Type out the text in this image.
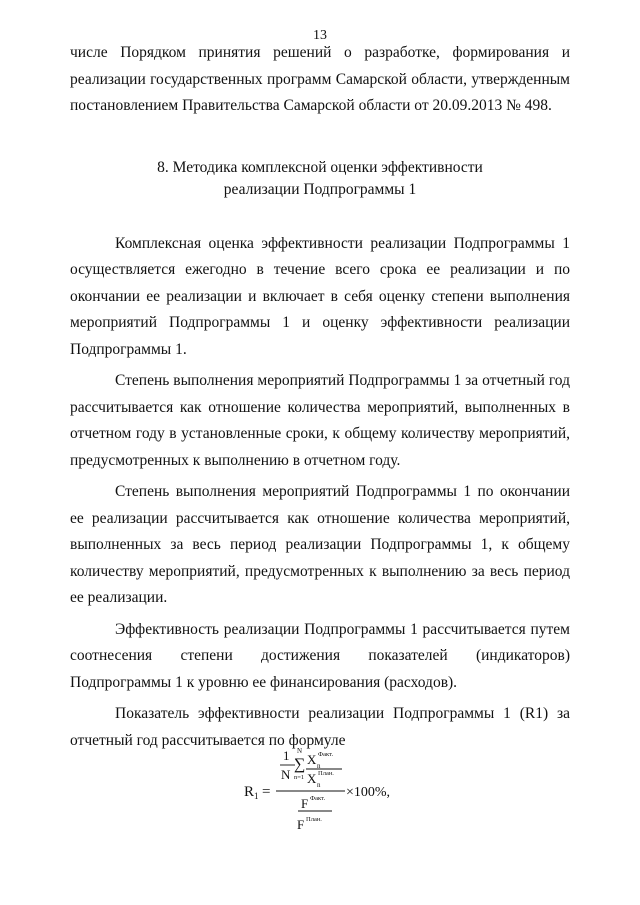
13

числе Порядком принятия решений о разработке, формирования и реализации государственных программ Самарской области, утвержденным постановлением Правительства Самарской области от 20.09.2013 № 498.

8. Методика комплексной оценки эффективности
реализации Подпрограммы 1

Комплексная оценка эффективности реализации Подпрограммы 1 осуществляется ежегодно в течение всего срока ее реализации и по окончании ее реализации и включает в себя оценку степени выполнения мероприятий Подпрограммы 1 и оценку эффективности реализации Подпрограммы 1.

Степень выполнения мероприятий Подпрограммы 1 за отчетный год рассчитывается как отношение количества мероприятий, выполненных в отчетном году в установленные сроки, к общему количеству мероприятий, предусмотренных к выполнению в отчетном году.

Степень выполнения мероприятий Подпрограммы 1 по окончании ее реализации рассчитывается как отношение количества мероприятий, выполненных за весь период реализации Подпрограммы 1, к общему количеству мероприятий, предусмотренных к выполнению за весь период ее реализации.

Эффективность реализации Подпрограммы 1 рассчитывается путем соотнесения степени достижения показателей (индикаторов) Подпрограммы 1 к уровню ее финансирования (расходов).

Показатель эффективности реализации Подпрограммы 1 (R1) за отчетный год рассчитывается по формуле

R 1 =
1
N
N
∑
n=1
X n
Факт.
X n
План.
F Факт.
F План.
×100%,
